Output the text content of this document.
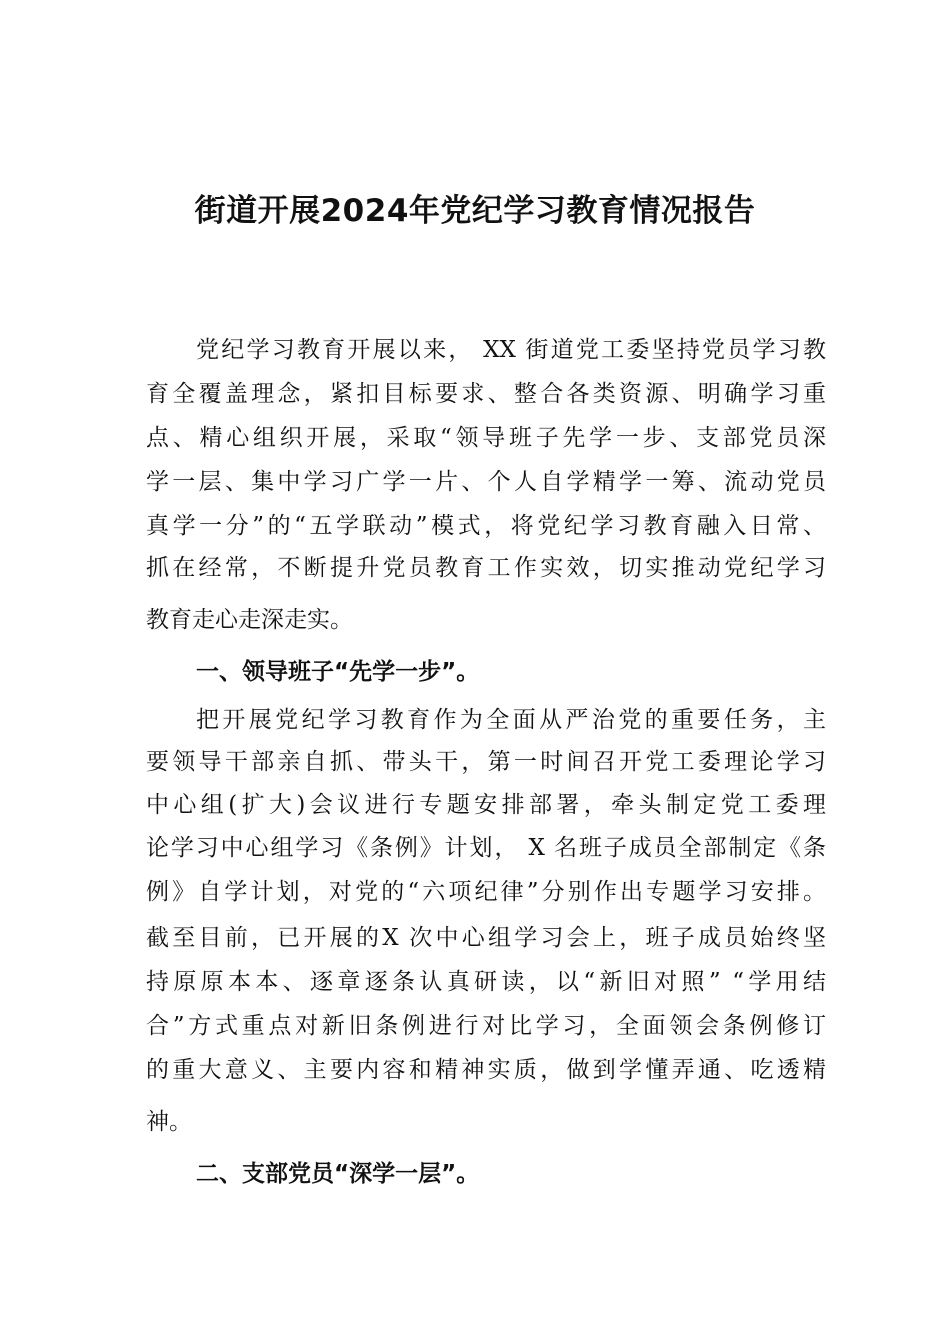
街道开展2024年党纪学习教育情况报告
党纪学习教育开展以来， XX 街道党工委坚持党员学习教
育全覆盖理念，紧扣目标要求、整合各类资源、明确学习重
点、精心组织开展，采取“领导班子先学一步、支部党员深
学一层、集中学习广学一片、个人自学精学一筹、流动党员
真学一分”的“五学联动”模式，将党纪学习教育融入日常、
抓在经常，不断提升党员教育工作实效，切实推动党纪学习
教育走心走深走实。
一、领导班子“先学一步”。
把开展党纪学习教育作为全面从严治党的重要任务，主
要领导干部亲自抓、带头干，第一时间召开党工委理论学习
中心组(扩大)会议进行专题安排部署，牵头制定党工委理
论学习中心组学习《条例》计划， X 名班子成员全部制定《条
例》自学计划，对党的“六项纪律”分别作出专题学习安排。
截至目前，已开展的X 次中心组学习会上，班子成员始终坚
持原原本本、逐章逐条认真研读，以“新旧对照” “学用结
合”方式重点对新旧条例进行对比学习，全面领会条例修订
的重大意义、主要内容和精神实质，做到学懂弄通、吃透精
神。
二、支部党员“深学一层”。
